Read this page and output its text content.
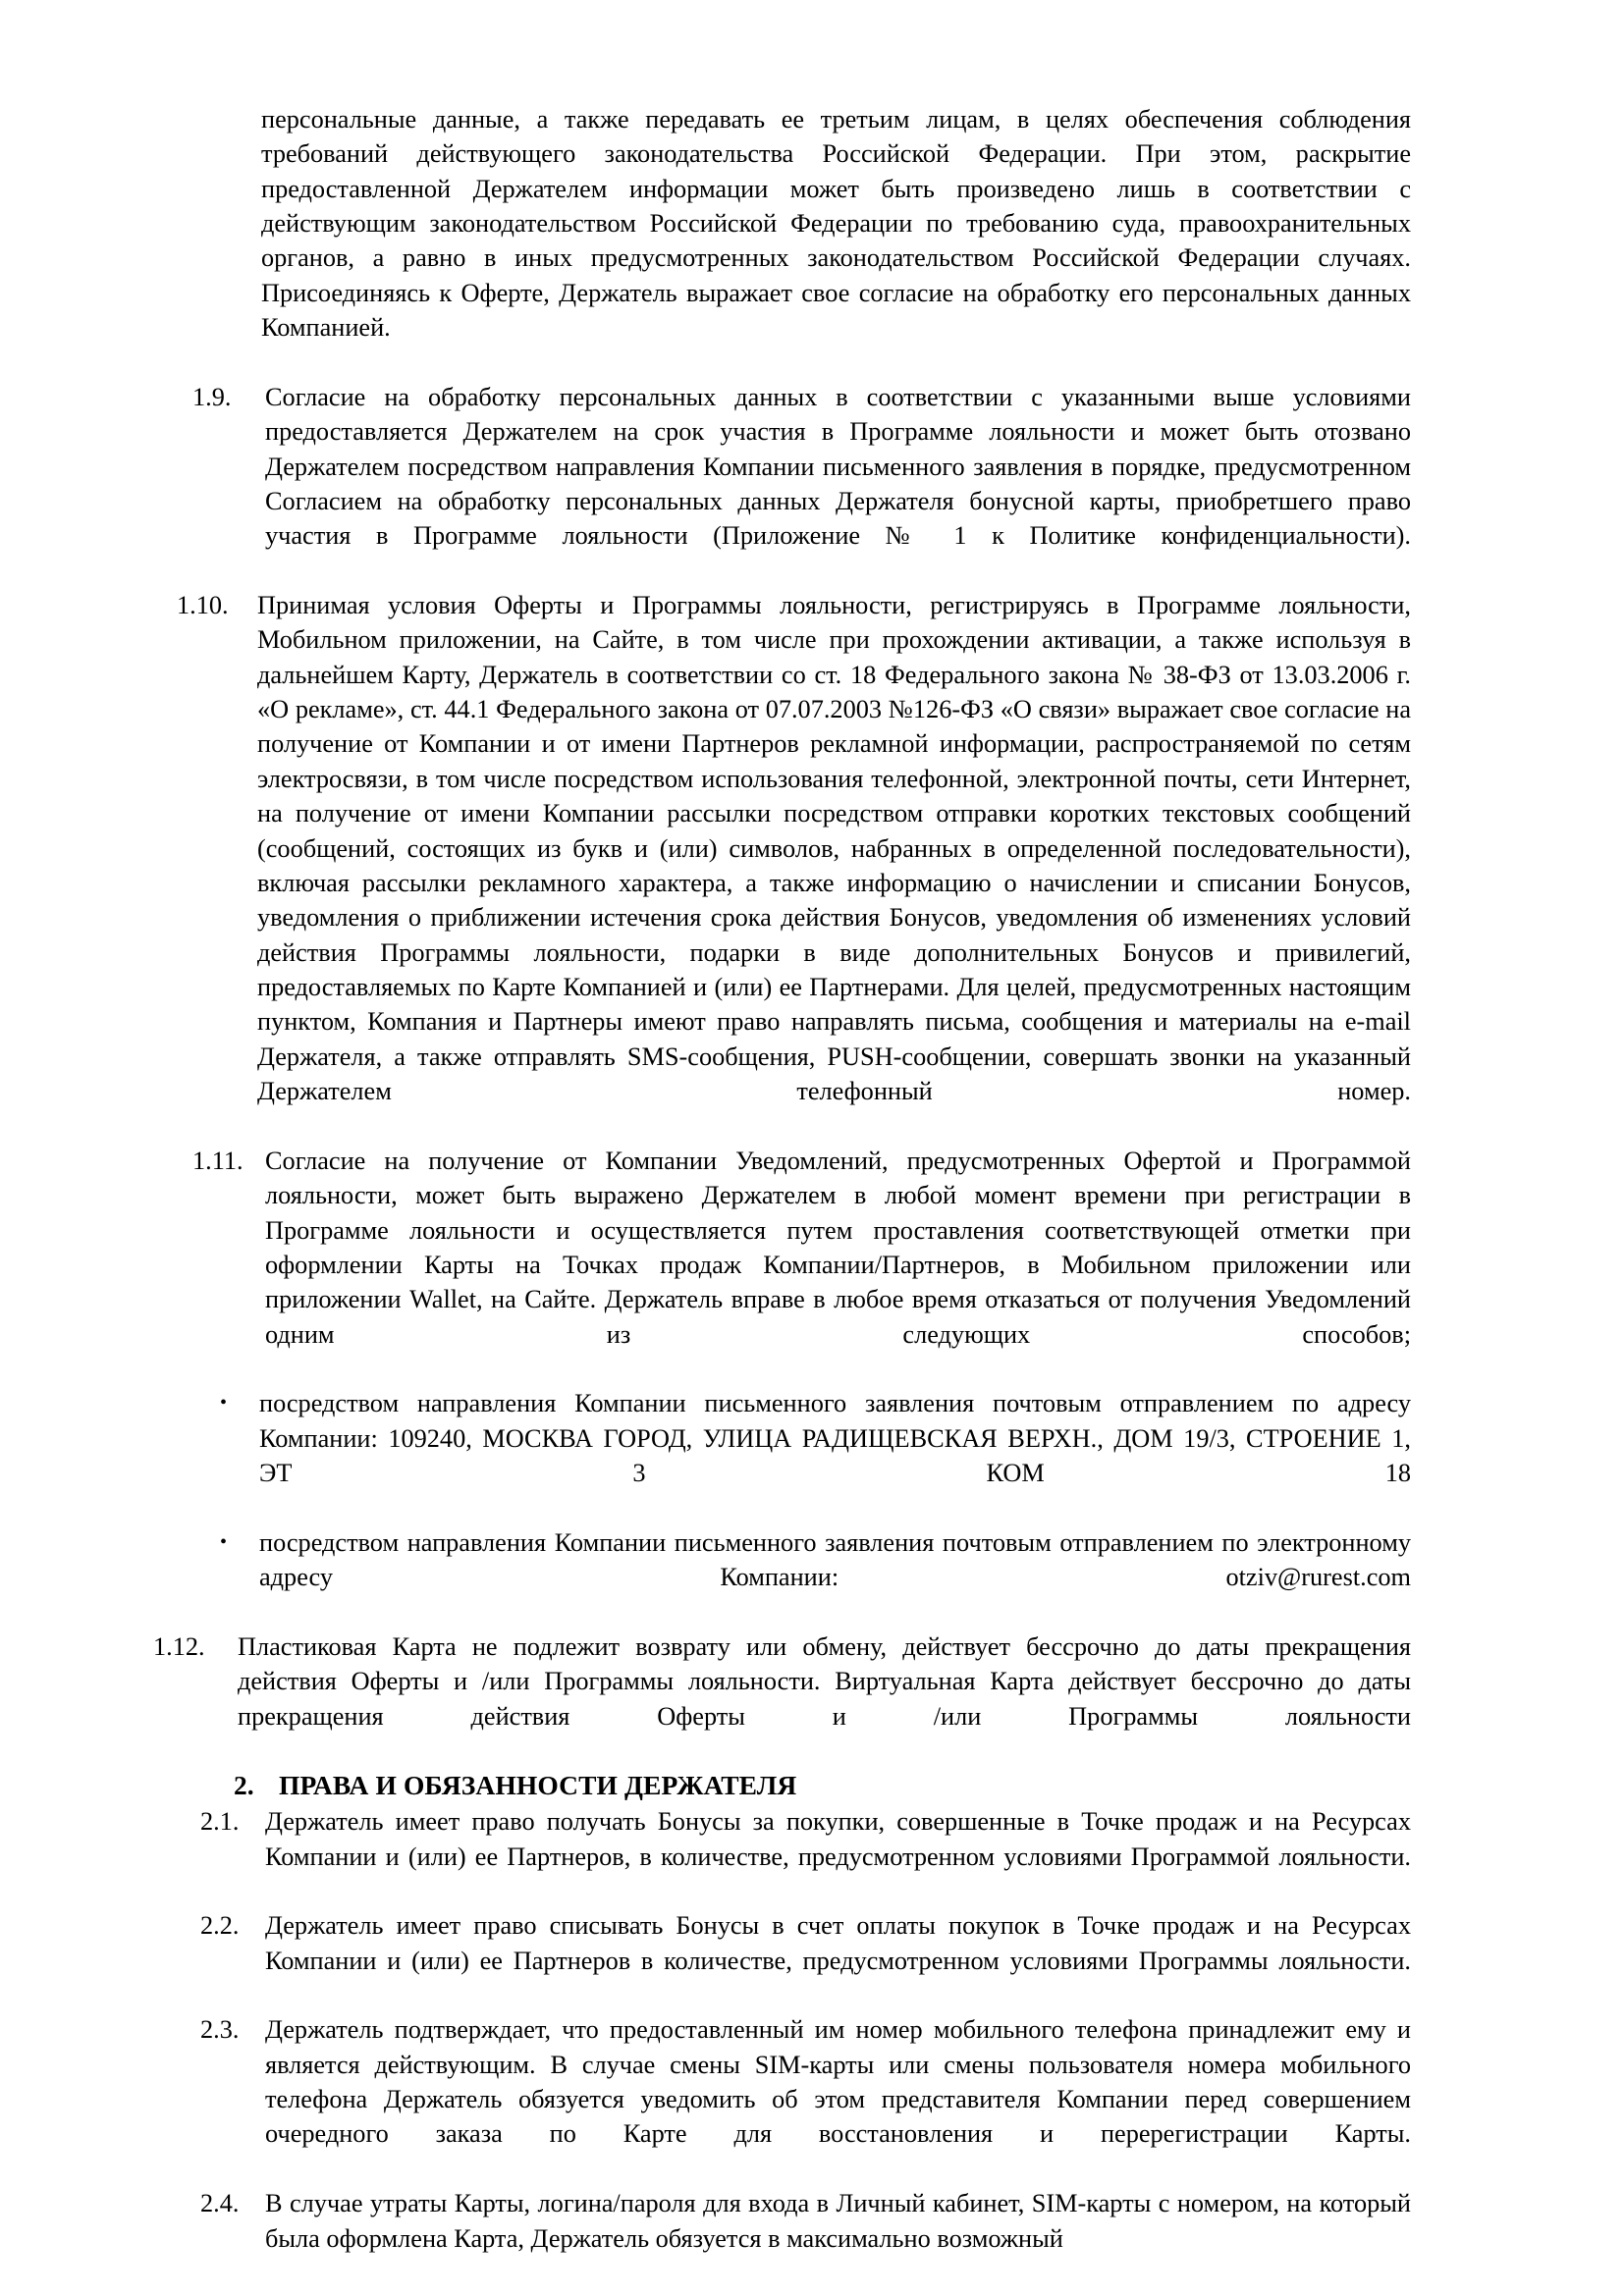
персональные данные, а также передавать ее третьим лицам, в целях обеспечения соблюдения требований действующего законодательства Российской Федерации. При этом, раскрытие предоставленной Держателем информации может быть произведено лишь в соответствии с действующим законодательством Российской Федерации по требованию суда, правоохранительных органов, а равно в иных предусмотренных законодательством Российской Федерации случаях. Присоединяясь к Оферте, Держатель выражает свое согласие на обработку его персональных данных Компанией.

1.9.	Согласие на обработку персональных данных в соответствии с указанными выше условиями предоставляется Держателем на срок участия в Программе лояльности и может быть отозвано Держателем посредством направления Компании письменного заявления в порядке, предусмотренном Согласием на обработку персональных данных Держателя бонусной карты, приобретшего право участия в Программе лояльности (Приложение № 1 к Политике конфиденциальности).

1.10.	Принимая условия Оферты и Программы лояльности, регистрируясь в Программе лояльности, Мобильном приложении, на Сайте, в том числе при прохождении активации, а также используя в дальнейшем Карту, Держатель в соответствии со ст. 18 Федерального закона № 38-ФЗ от 13.03.2006 г. «О рекламе», ст. 44.1 Федерального закона от 07.07.2003 №126-ФЗ «О связи» выражает свое согласие на получение от Компании и от имени Партнеров рекламной информации, распространяемой по сетям электросвязи, в том числе посредством использования телефонной, электронной почты, сети Интернет, на получение от имени Компании рассылки посредством отправки коротких текстовых сообщений (сообщений, состоящих из букв и (или) символов, набранных в определенной последовательности), включая рассылки рекламного характера, а также информацию о начислении и списании Бонусов, уведомления о приближении истечения срока действия Бонусов, уведомления об изменениях условий действия Программы лояльности, подарки в виде дополнительных Бонусов и привилегий, предоставляемых по Карте Компанией и (или) ее Партнерами. Для целей, предусмотренных настоящим пунктом, Компания и Партнеры имеют право направлять письма, сообщения и материалы на e-mail Держателя, а также отправлять SMS-сообщения, PUSH-сообщении, совершать звонки на указанный Держателем телефонный номер.

1.11. Согласие на получение от Компании Уведомлений, предусмотренных Офертой и Программой лояльности, может быть выражено Держателем в любой момент времени при регистрации в Программе лояльности и осуществляется путем проставления соответствующей отметки при оформлении Карты на Точках продаж Компании/Партнеров, в Мобильном приложении или приложении Wallet, на Сайте. Держатель вправе в любое время отказаться от получения Уведомлений одним из следующих способов;

• посредством направления Компании письменного заявления почтовым отправлением по адресу Компании: 109240, МОСКВА ГОРОД, УЛИЦА РАДИЩЕВСКАЯ ВЕРХН., ДОМ 19/3, СТРОЕНИЕ 1, ЭТ 3 КОМ 18
• посредством направления Компании письменного заявления почтовым отправлением по электронному адресу Компании: otziv@rurest.com
1.12.	Пластиковая Карта не подлежит возврату или обмену, действует бессрочно до даты прекращения действия Оферты и /или Программы лояльности. Виртуальная Карта действует бессрочно до даты прекращения действия Оферты и /или Программы лояльности

2. ПРАВА И ОБЯЗАННОСТИ ДЕРЖАТЕЛЯ
2.1.	Держатель имеет право получать Бонусы за покупки, совершенные в Точке продаж и на Ресурсах Компании и (или) ее Партнеров, в количестве, предусмотренном условиями Программой лояльности.

2.2.	Держатель имеет право списывать Бонусы в счет оплаты покупок в Точке продаж и на Ресурсах Компании и (или) ее Партнеров в количестве, предусмотренном условиями Программы лояльности.

2.3.	Держатель подтверждает, что предоставленный им номер мобильного телефона принадлежит ему и является действующим. В случае смены SIM-карты или смены пользователя номера мобильного телефона Держатель обязуется уведомить об этом представителя Компании перед совершением очередного заказа по Карте для восстановления и перерегистрации Карты.

2.4.	В случае утраты Карты, логина/пароля для входа в Личный кабинет, SIM-карты с номером, на который была оформлена Карта, Держатель обязуется в максимально возможный
